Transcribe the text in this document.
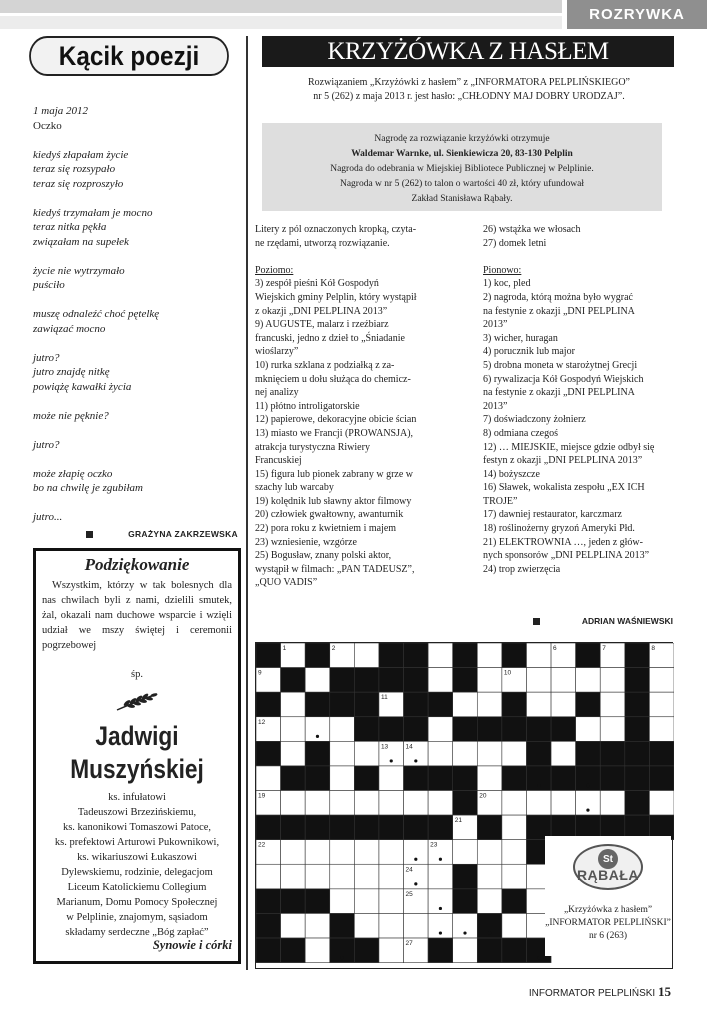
ROZRYWKA
Kącik poezji
1 maja 2012
Oczko
kiedyś złapałam życie
teraz się rozsypało
teraz się rozproszyło
kiedyś trzymałam je mocno
teraz nitka pękła
związałam na supełek
życie nie wytrzymało
puściło
muszę odnaleźć choć pętelkę
zawiązać mocno
jutro?
jutro znajdę nitkę
powiążę kawałki życia
może nie pęknie?
jutro?
może złapię oczko
bo na chwilę je zgubiłam
jutro...
GRAŻYNA ZAKRZEWSKA
Podziękowanie
Wszystkim, którzy w tak bolesnych dla nas chwilach byli z nami, dzielili smutek, żal, okazali nam duchowe wsparcie i wzięli udział we mszy świętej i ceremonii pogrzebowej
śp.
Jadwigi
Muszyńskiej
ks. infułatowi
Tadeuszowi Brzezińskiemu,
ks. kanonikowi Tomaszowi Patoce,
ks. prefektowi Arturowi Pukownikowi,
ks. wikariuszowi Łukaszowi
Dylewskiemu, rodzinie, delegacjom
Liceum Katolickiemu Collegium
Marianum, Domu Pomocy Społecznej
w Pelplinie, znajomym, sąsiadom
składamy serdeczne „Bóg zapłać”
Synowie i córki
KRZYŻÓWKA Z HASŁEM
Rozwiązaniem „Krzyżówki z hasłem” z „INFORMATORA PELPLIŃSKIEGO”
nr 5 (262) z maja 2013 r. jest hasło: „CHŁODNY MAJ DOBRY URODZAJ”.
Nagrodę za rozwiązanie krzyżówki otrzymuje
Waldemar Warnke, ul. Sienkiewicza 20, 83-130 Pelplin
Nagroda do odebrania w Miejskiej Bibliotece Publicznej w Pelplinie.
Nagroda w nr 5 (262) to talon o wartości 40 zł, który ufundował
Zakład Stanisława Rąbały.

Litery z pól oznaczonych kropką, czyta-

ne rzędami, utworzą rozwiązanie.

Poziomo:

3) zespół pieśni Kół Gospodyń

Wiejskich gminy Pelplin, który wystąpił

z okazji „DNI PELPLINA 2013”

9) AUGUSTE, malarz i rzeźbiarz

francuski, jedno z dzieł to „Śniadanie

wioślarzy”

10) rurka szklana z podziałką z za-

mknięciem u dołu służąca do chemicz-

nej analizy

11) płótno introligatorskie

12) papierowe, dekoracyjne obicie ścian

13) miasto we Francji (PROWANSJA),

atrakcja turystyczna Riwiery

Francuskiej

15) figura lub pionek zabrany w grze w

szachy lub warcaby

19) kolędnik lub sławny aktor filmowy

20) człowiek gwałtowny, awanturnik

22) pora roku z kwietniem i majem

23) wzniesienie, wzgórze

25) Bogusław, znany polski aktor,

wystąpił w filmach: „PAN TADEUSZ”,

„QUO VADIS”

26) wstążka we włosach

27) domek letni

Pionowo:

1) koc, pled

2) nagroda, którą można było wygrać

na festynie z okazji „DNI PELPLINA

2013”

3) wicher, huragan

4) porucznik lub major

5) drobna moneta w starożytnej Grecji

6) rywalizacja Kół Gospodyń Wiejskich

na festynie z okazji „DNI PELPLINA

2013”

7) doświadczony żołnierz

8) odmiana czegoś

12) … MIEJSKIE, miejsce gdzie odbył się

festyn z okazji „DNI PELPLINA 2013”

14) bożyszcze

16) Sławek, wokalista zespołu „EX ICH

TROJE”

17) dawniej restaurator, karczmarz

18) roślinożerny gryzoń Ameryki Płd.

21) ELEKTROWNIA …, jeden z głów-

nych sponsorów „DNI PELPLINA 2013”

24) trop zwierzęcia

ADRIAN WAŚNIEWSKI
1	2	6	7	8
9	10
11
12
13	14
19	20
21
22	23
24
25
27
St
RĄBAŁA
„Krzyżówka z hasłem”
„INFORMATOR PELPLIŃSKI”
nr 6 (263)
INFORMATOR PELPLIŃSKI 15
